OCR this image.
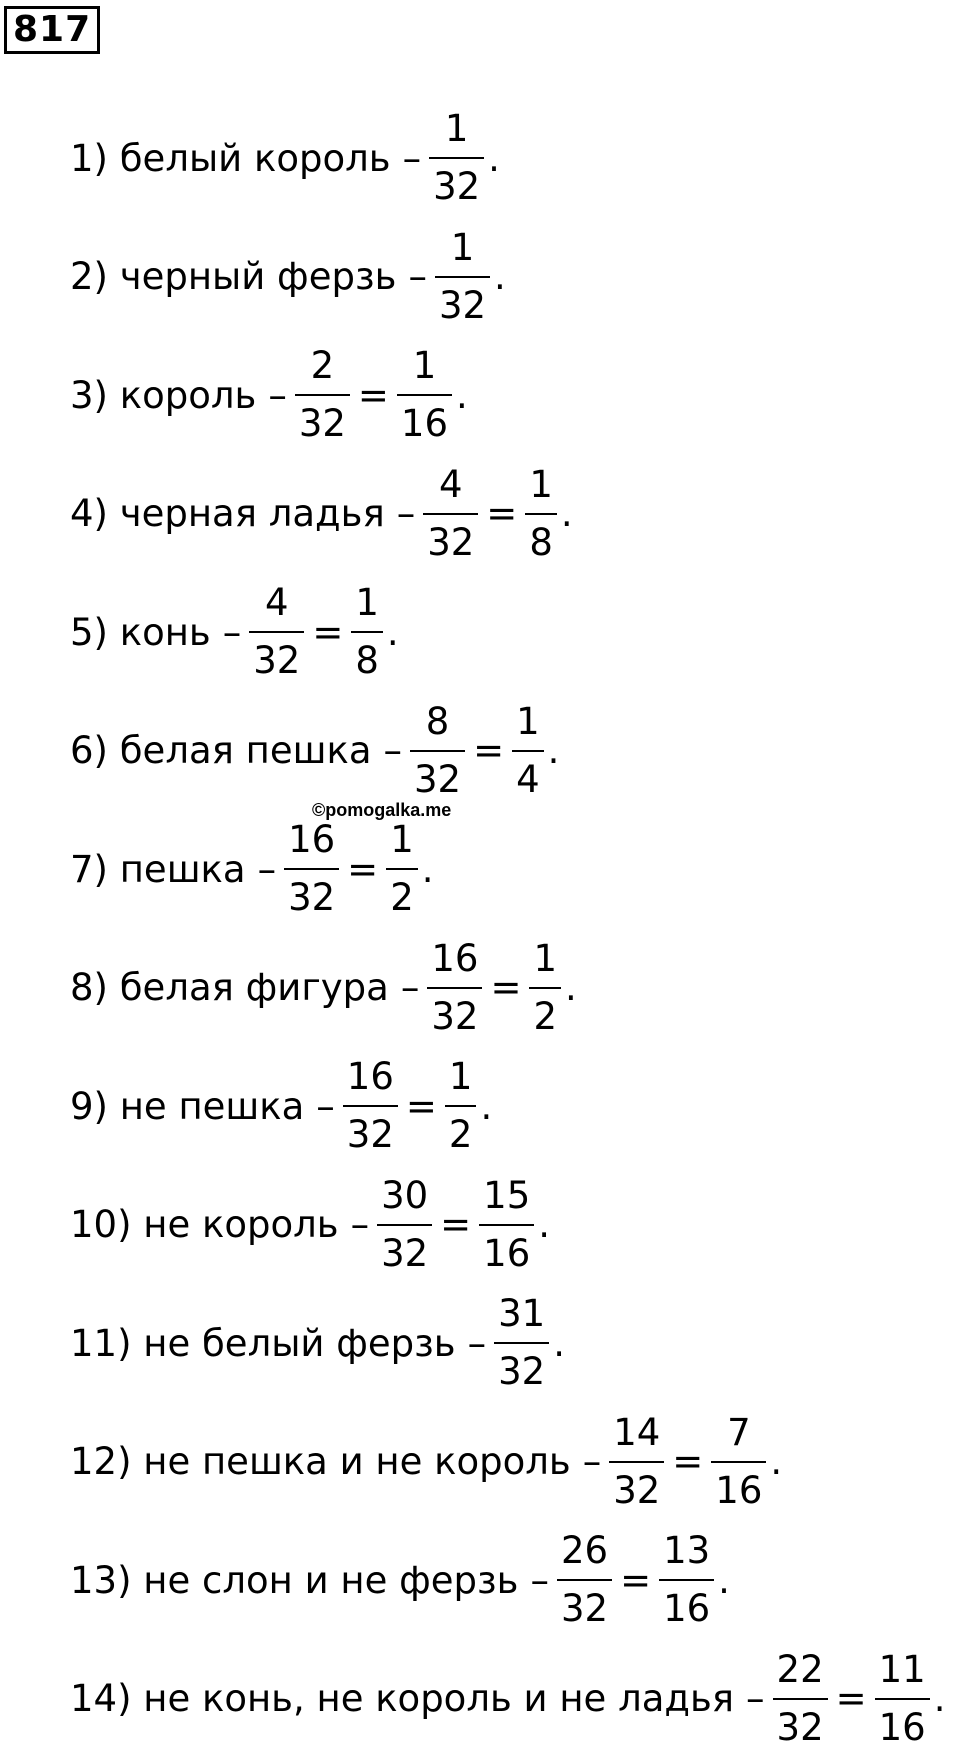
817
1) белый король – $\frac{1}{32}$ .
2) черный ферзь – $\frac{1}{32}$ .
3) король – $\frac{2}{32} = \frac{1}{16}$ .
4) черная ладья – $\frac{4}{32} = \frac{1}{8}$ .
5) конь – $\frac{4}{32} = \frac{1}{8}$ .
6) белая пешка – $\frac{8}{32} = \frac{1}{4}$ .
7) пешка – $\frac{16}{32} = \frac{1}{2}$ .
8) белая фигура – $\frac{16}{32} = \frac{1}{2}$ .
9) не пешка – $\frac{16}{32} = \frac{1}{2}$ .
10) не король – $\frac{30}{32} = \frac{15}{16}$ .
11) не белый ферзь – $\frac{31}{32}$ .
12) не пешка и не король – $\frac{14}{32} = \frac{7}{16}$ .
13) не слон и не ферзь – $\frac{26}{32} = \frac{13}{16}$ .
14) не конь, не король и не ладья – $\frac{22}{32} = \frac{11}{16}$ .
©pomogalka.me
